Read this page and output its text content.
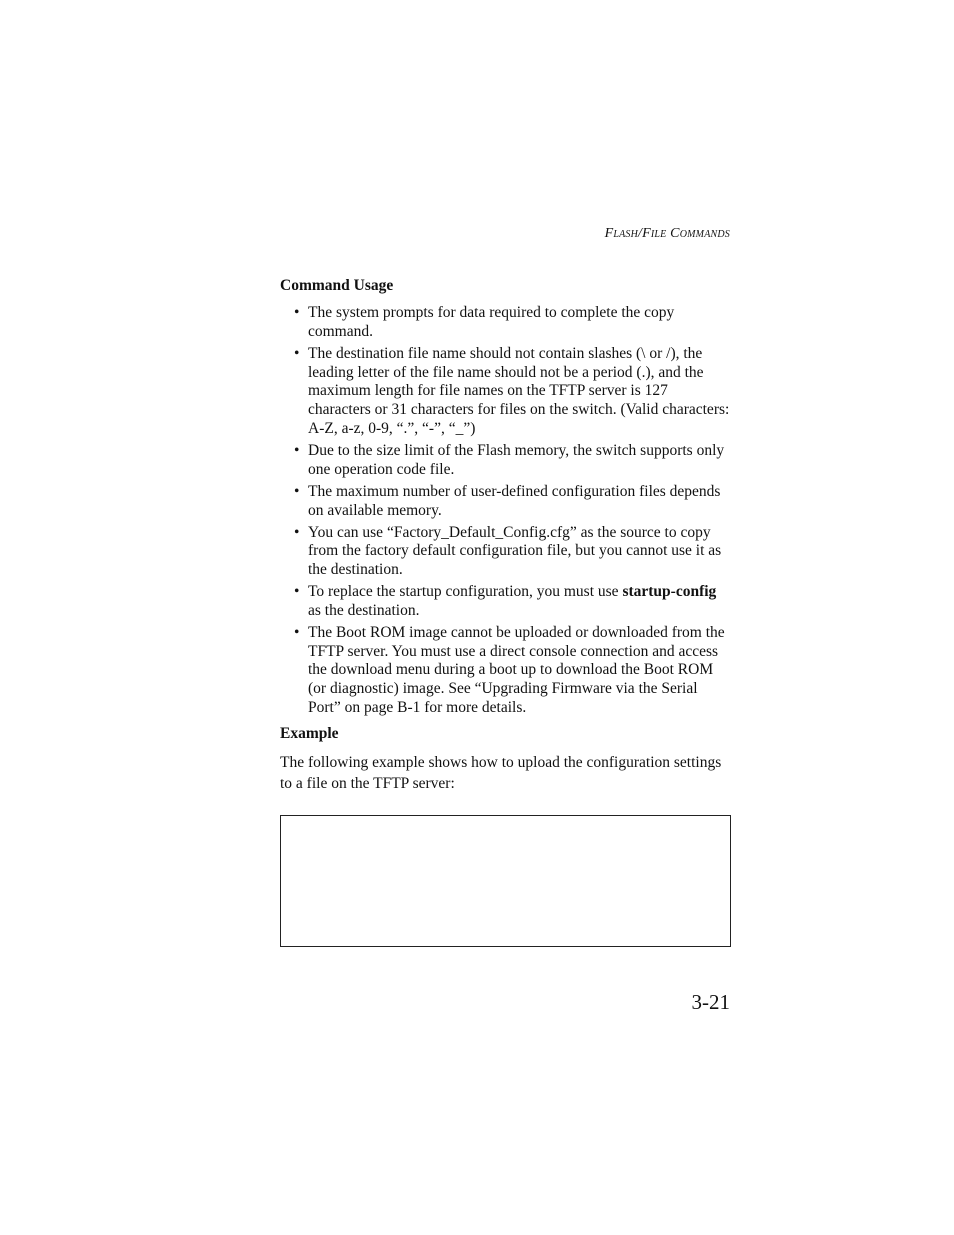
Flash/File Commands
Command Usage
• The system prompts for data required to complete the copy command.
• The destination file name should not contain slashes (\ or /), the leading letter of the file name should not be a period (.), and the maximum length for file names on the TFTP server is 127 characters or 31 characters for files on the switch. (Valid characters: A-Z, a-z, 0-9, “.”, “-”, “_”)
• Due to the size limit of the Flash memory, the switch supports only one operation code file.
• The maximum number of user-defined configuration files depends on available memory.
• You can use “Factory_Default_Config.cfg” as the source to copy from the factory default configuration file, but you cannot use it as the destination.
• To replace the startup configuration, you must use startup-config as the destination.
• The Boot ROM image cannot be uploaded or downloaded from the TFTP server. You must use a direct console connection and access the download menu during a boot up to download the Boot ROM (or diagnostic) image. See “Upgrading Firmware via the Serial Port” on page B-1 for more details.
Example

The following example shows how to upload the configuration settings to a file on the TFTP server:

3-21
